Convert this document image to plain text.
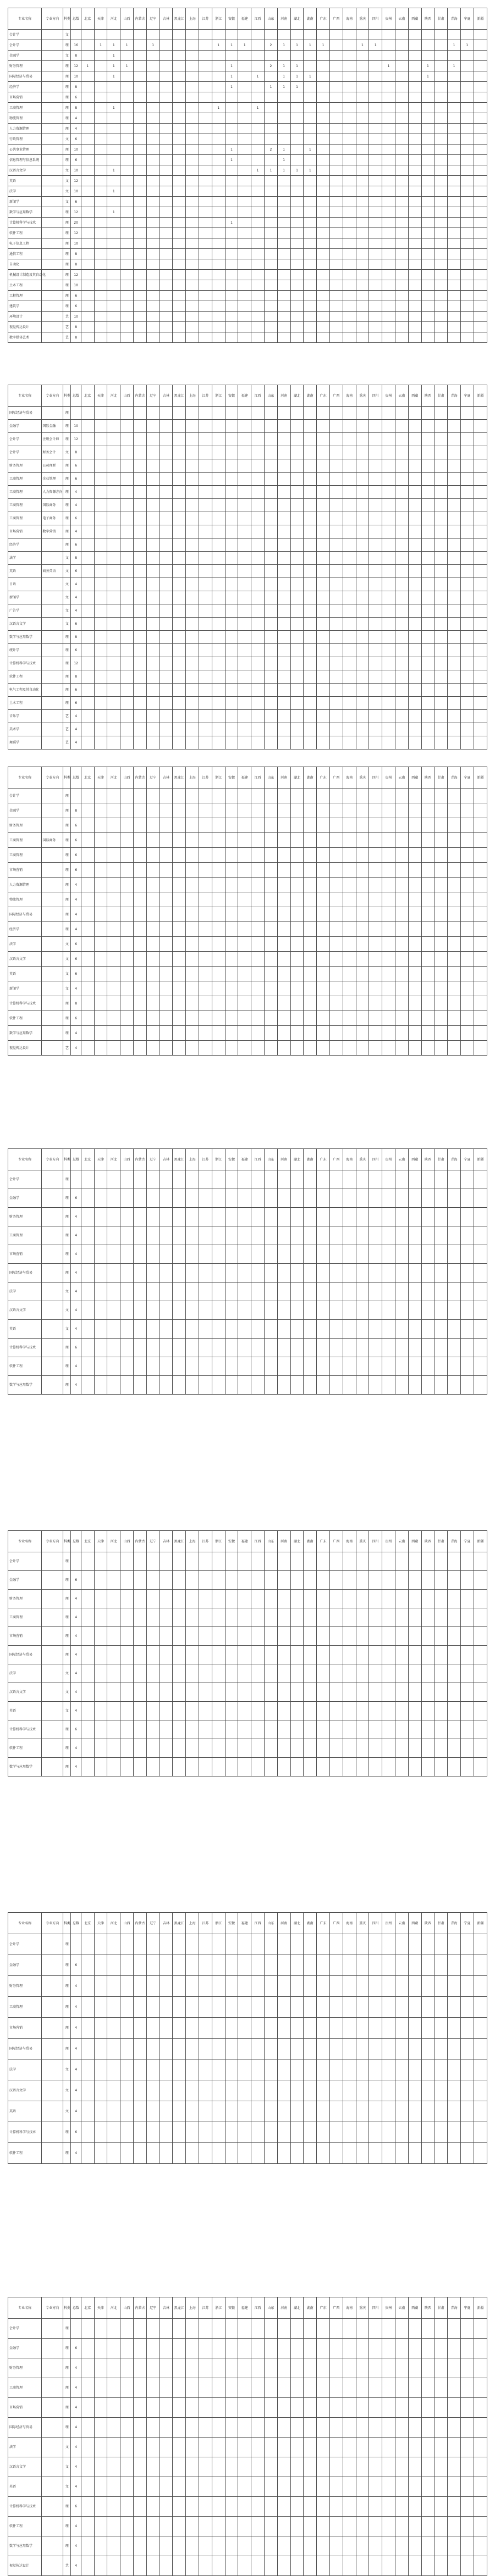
专业名称	专业方向	科类	总数	北京	天津	河北	山西	内蒙古	辽宁	吉林	黑龙江	上海	江苏	浙江	安徽	福建	江西	山东	河南	湖北	湖南	广东	广西	海南	重庆	四川	贵州	云南	西藏	陕西	甘肃	青海	宁夏	新疆
会计学		文																																
会计学		理	16		1	1	1		1					1	1	1		2	1	1	1	1			1	1						1	1	
金融学		文	8			1																												
财务管理		理	12	1		1	1								1			2	1	1							1			1		1		
国际经济与贸易		理	10			1									1		1		1	1	1									1				
经济学		理	8												1			1	1	1														
市场营销		理	6																															
工商管理		理	8			1								1			1																	
物流管理		理	4																															
人力资源管理		理	4																															
行政管理		文	6																															
公共事业管理		理	10												1			2	1		1													
信息管理与信息系统		理	6												1				1															
汉语言文学		文	10			1											1	1	1	1	1													
英语		文	12																															
法学		文	10			1																												
新闻学		文	6																															
数学与应用数学		理	12			1																												
计算机科学与技术		理	20												1																			
软件工程		理	12																															
电子信息工程		理	10																															
通信工程		理	8																															
自动化		理	8																															
机械设计制造及其自动化		理	12																															
土木工程		理	10																															
工程管理		理	6																															
建筑学		理	6																															
环境设计		艺	10																															
视觉传达设计		艺	8																															
数字媒体艺术		艺	8																															
专业名称	专业方向	科类	总数	北京	天津	河北	山西	内蒙古	辽宁	吉林	黑龙江	上海	江苏	浙江	安徽	福建	江西	山东	河南	湖北	湖南	广东	广西	海南	重庆	四川	贵州	云南	西藏	陕西	甘肃	青海	宁夏	新疆
国际经济与贸易		理																																
金融学	国际金融	理	10																															
会计学	注册会计师	理	12																															
会计学	财务会计	文	8																															
财务管理	公司理财	理	6																															
工商管理	企业管理	理	6																															
工商管理	人力资源方向	理	4																															
工商管理	国际商务	理	4																															
工商管理	电子商务	理	6																															
市场营销	数字营销	理	4																															
经济学		理	6																															
法学		文	8																															
英语	商务英语	文	6																															
日语		文	4																															
新闻学		文	4																															
广告学		文	4																															
汉语言文学		文	6																															
数学与应用数学		理	8																															
统计学		理	6																															
计算机科学与技术		理	12																															
软件工程		理	8																															
电气工程及其自动化		理	6																															
土木工程		理	6																															
音乐学		艺	4																															
美术学		艺	4																															
舞蹈学		艺	4																															
专业名称	专业方向	科类	总数	北京	天津	河北	山西	内蒙古	辽宁	吉林	黑龙江	上海	江苏	浙江	安徽	福建	江西	山东	河南	湖北	湖南	广东	广西	海南	重庆	四川	贵州	云南	西藏	陕西	甘肃	青海	宁夏	新疆
会计学		理																																
金融学		理	8																															
财务管理		理	6																															
工商管理	国际商务	理	6																															
工商管理		理	6																															
市场营销		理	6																															
人力资源管理		理	4																															
物流管理		理	4																															
国际经济与贸易		理	4																															
经济学		理	4																															
法学		文	6																															
汉语言文学		文	6																															
英语		文	6																															
新闻学		文	4																															
计算机科学与技术		理	8																															
软件工程		理	6																															
数学与应用数学		理	4																															
视觉传达设计		艺	4																															
专业名称	专业方向	科类	总数	北京	天津	河北	山西	内蒙古	辽宁	吉林	黑龙江	上海	江苏	浙江	安徽	福建	江西	山东	河南	湖北	湖南	广东	广西	海南	重庆	四川	贵州	云南	西藏	陕西	甘肃	青海	宁夏	新疆
会计学		理																																
金融学		理	6																															
财务管理		理	4																															
工商管理		理	4																															
市场营销		理	4																															
国际经济与贸易		理	4																															
法学		文	4																															
汉语言文学		文	4																															
英语		文	4																															
计算机科学与技术		理	6																															
软件工程		理	4																															
数学与应用数学		理	4																															
专业名称	专业方向	科类	总数	北京	天津	河北	山西	内蒙古	辽宁	吉林	黑龙江	上海	江苏	浙江	安徽	福建	江西	山东	河南	湖北	湖南	广东	广西	海南	重庆	四川	贵州	云南	西藏	陕西	甘肃	青海	宁夏	新疆
会计学		理																																
金融学		理	6																															
财务管理		理	4																															
工商管理		理	4																															
市场营销		理	4																															
国际经济与贸易		理	4																															
法学		文	4																															
汉语言文学		文	4																															
英语		文	4																															
计算机科学与技术		理	6																															
软件工程		理	4																															
数学与应用数学		理	4																															
专业名称	专业方向	科类	总数	北京	天津	河北	山西	内蒙古	辽宁	吉林	黑龙江	上海	江苏	浙江	安徽	福建	江西	山东	河南	湖北	湖南	广东	广西	海南	重庆	四川	贵州	云南	西藏	陕西	甘肃	青海	宁夏	新疆
会计学		理																																
金融学		理	6																															
财务管理		理	4																															
工商管理		理	4																															
市场营销		理	4																															
国际经济与贸易		理	4																															
法学		文	4																															
汉语言文学		文	4																															
英语		文	4																															
计算机科学与技术		理	6																															
软件工程		理	4																															
专业名称	专业方向	科类	总数	北京	天津	河北	山西	内蒙古	辽宁	吉林	黑龙江	上海	江苏	浙江	安徽	福建	江西	山东	河南	湖北	湖南	广东	广西	海南	重庆	四川	贵州	云南	西藏	陕西	甘肃	青海	宁夏	新疆
会计学		理																																
金融学		理	6																															
财务管理		理	4																															
工商管理		理	4																															
市场营销		理	4																															
国际经济与贸易		理	4																															
法学		文	4																															
汉语言文学		文	4																															
英语		文	4																															
计算机科学与技术		理	6																															
软件工程		理	4																															
数学与应用数学		理	4																															
视觉传达设计		艺	4																															
